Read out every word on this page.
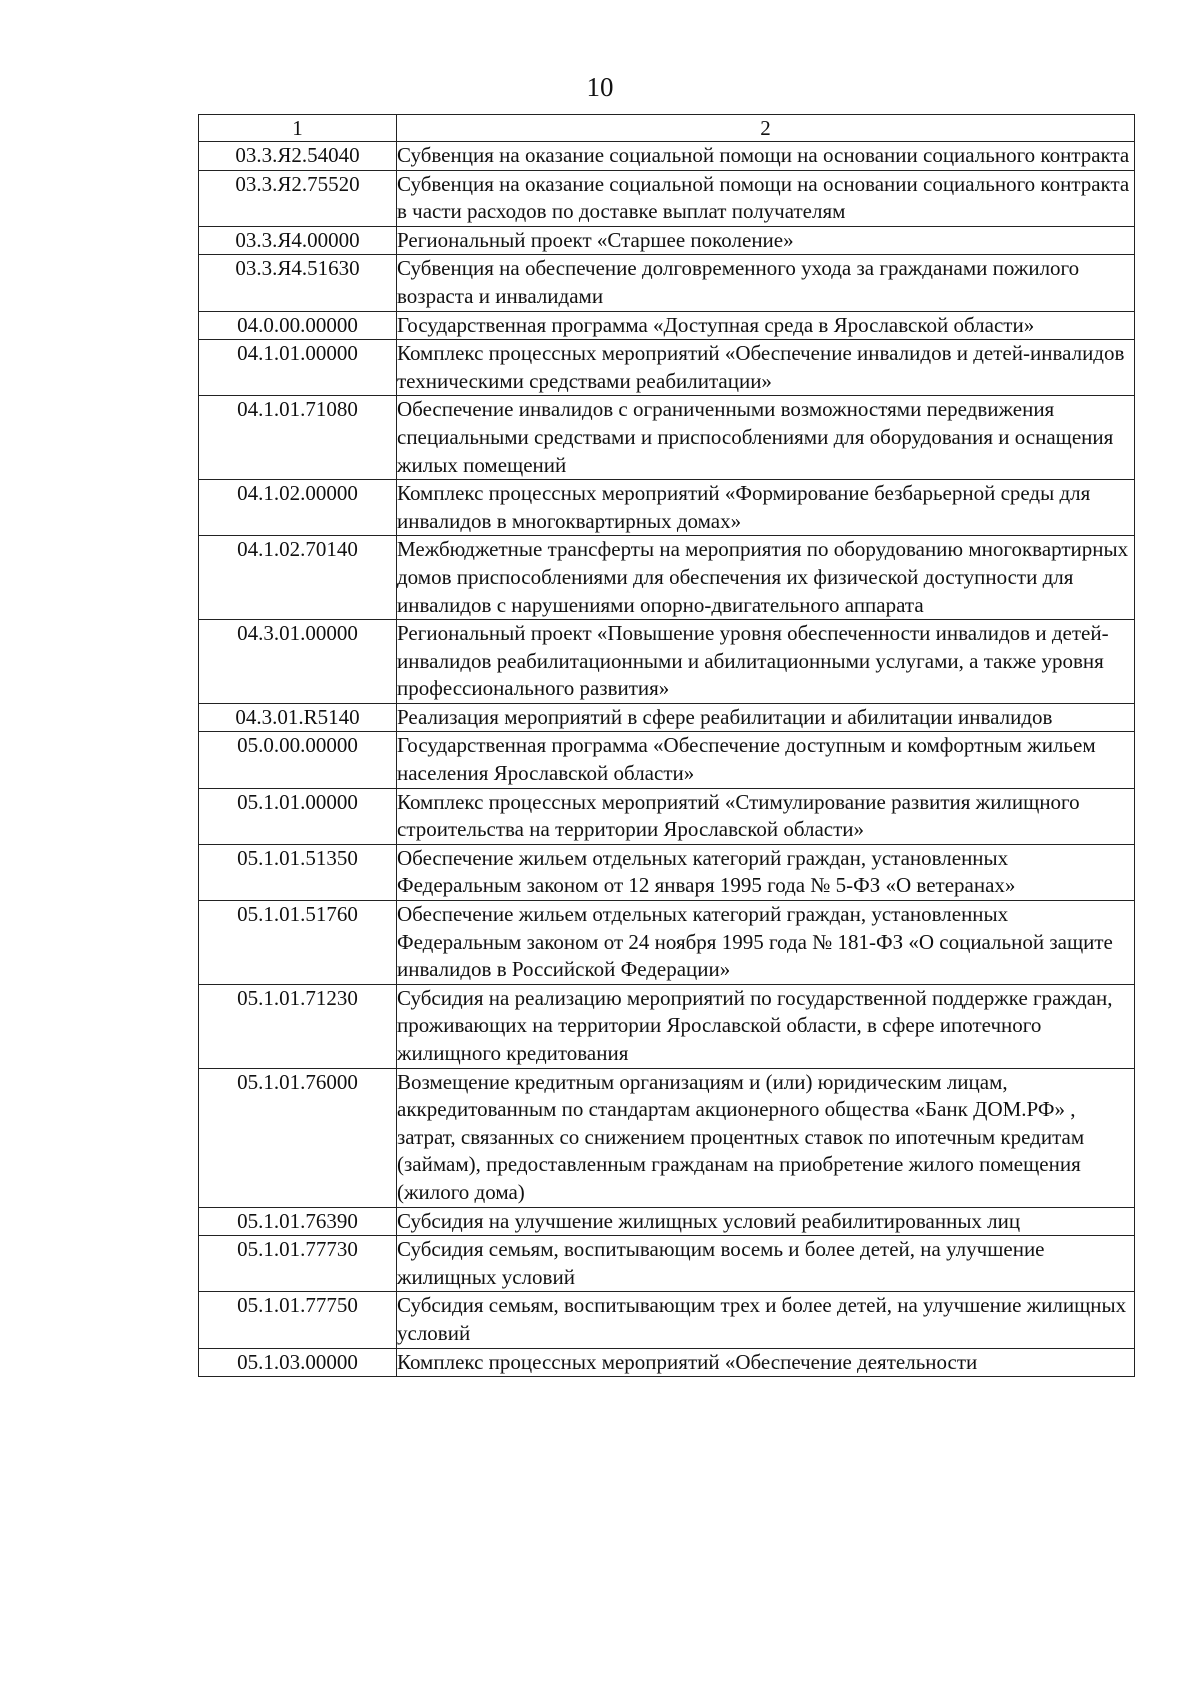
10
1	2
03.3.Я2.54040	Субвенция на оказание социальной помощи на основании социального контракта
03.3.Я2.75520	Субвенция на оказание социальной помощи на основании социального контракта в части расходов по доставке выплат получателям
03.3.Я4.00000	Региональный проект «Старшее поколение»
03.3.Я4.51630	Субвенция на обеспечение долговременного ухода за гражданами пожилого возраста и инвалидами
04.0.00.00000	Государственная программа «Доступная среда в Ярославской области»
04.1.01.00000	Комплекс процессных мероприятий «Обеспечение инвалидов и детей-инвалидов техническими средствами реабилитации»
04.1.01.71080	Обеспечение инвалидов с ограниченными возможностями передвижения специальными средствами и приспособлениями для оборудования и оснащения жилых помещений
04.1.02.00000	Комплекс процессных мероприятий «Формирование безбарьерной среды для инвалидов в многоквартирных домах»
04.1.02.70140	Межбюджетные трансферты на мероприятия по оборудованию многоквартирных домов приспособлениями для обеспечения их физической доступности для инвалидов с нарушениями опорно-двигательного аппарата
04.3.01.00000	Региональный проект «Повышение уровня обеспеченности инвалидов и детей-инвалидов реабилитационными и абилитационными услугами, а также уровня профессионального развития»
04.3.01.R5140	Реализация мероприятий в сфере реабилитации и абилитации инвалидов
05.0.00.00000	Государственная программа «Обеспечение доступным и комфортным жильем населения Ярославской области»
05.1.01.00000	Комплекс процессных мероприятий «Стимулирование развития жилищного строительства на территории Ярославской области»
05.1.01.51350	Обеспечение жильем отдельных категорий граждан, установленных Федеральным законом от 12 января 1995 года № 5-ФЗ «О ветеранах»
05.1.01.51760	Обеспечение жильем отдельных категорий граждан, установленных Федеральным законом от 24 ноября 1995 года № 181-ФЗ «О социальной защите инвалидов в Российской Федерации»
05.1.01.71230	Субсидия на реализацию мероприятий по государственной поддержке граждан, проживающих на территории Ярославской области, в сфере ипотечного жилищного кредитования
05.1.01.76000	Возмещение кредитным организациям и (или) юридическим лицам, аккредитованным по стандартам акционерного общества «Банк ДОМ.РФ» , затрат, связанных со снижением процентных ставок по ипотечным кредитам (займам), предоставленным гражданам на приобретение жилого помещения (жилого дома)
05.1.01.76390	Субсидия на улучшение жилищных условий реабилитированных лиц
05.1.01.77730	Субсидия семьям, воспитывающим восемь и более детей, на улучшение жилищных условий
05.1.01.77750	Субсидия семьям, воспитывающим трех и более детей, на улучшение жилищных условий
05.1.03.00000	Комплекс процессных мероприятий «Обеспечение деятельности
